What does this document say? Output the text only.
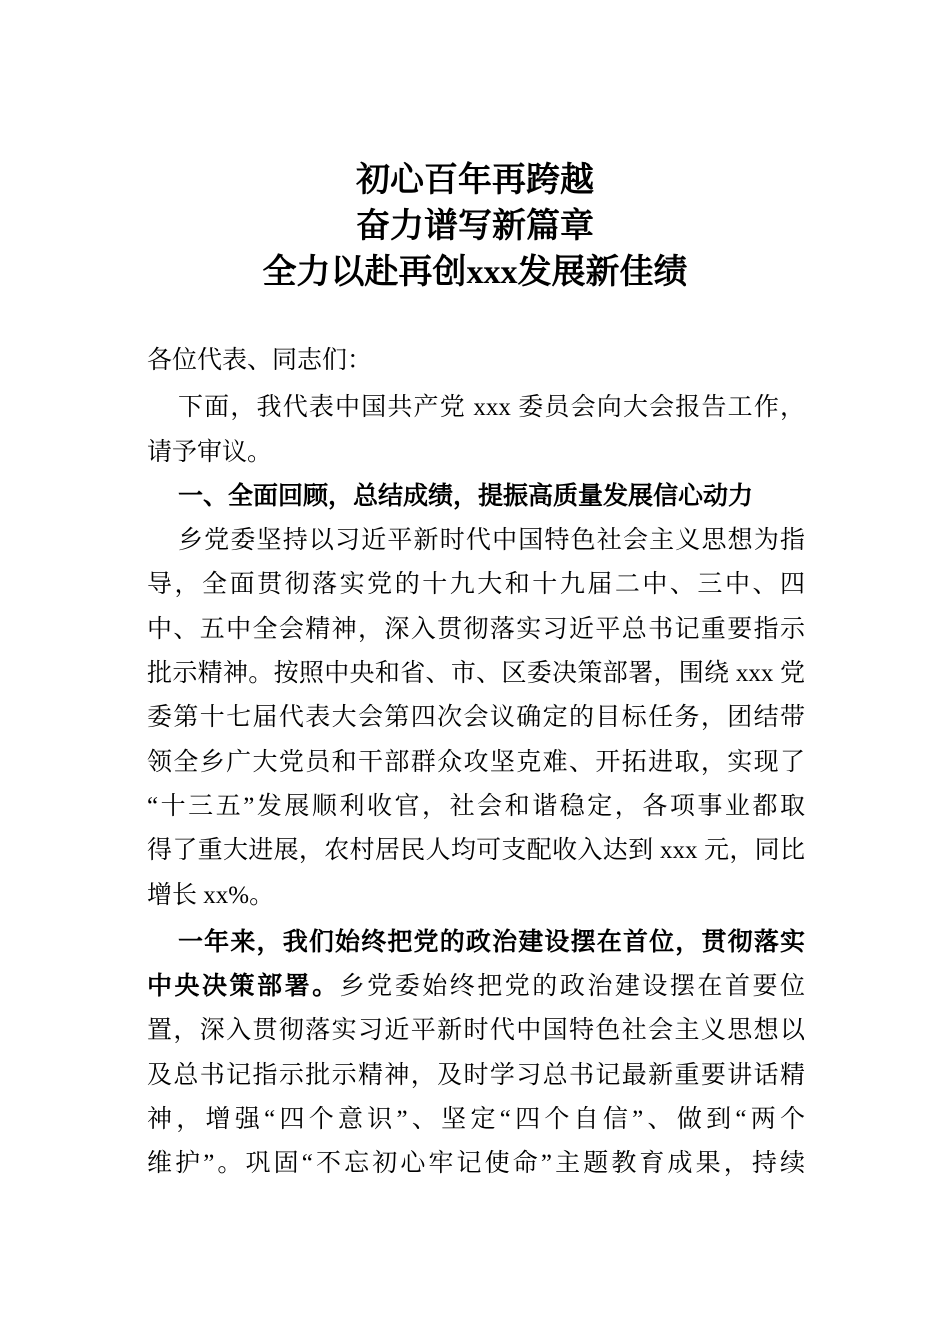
初心百年再跨越
奋力谱写新篇章
全力以赴再创xxx发展新佳绩
各位代表、同志们：
下面，我代表中国共产党 xxx 委员会向大会报告工作，
请予审议。
一、全面回顾，总结成绩，提振高质量发展信心动力
乡党委坚持以习近平新时代中国特色社会主义思想为指
导，全面贯彻落实党的十九大和十九届二中、三中、四
中、五中全会精神，深入贯彻落实习近平总书记重要指示
批示精神。按照中央和省、市、区委决策部署，围绕 xxx 党
委第十七届代表大会第四次会议确定的目标任务，团结带
领全乡广大党员和干部群众攻坚克难、开拓进取，实现了
“十三五”发展顺利收官，社会和谐稳定，各项事业都取
得了重大进展，农村居民人均可支配收入达到 xxx 元，同比
增长 xx%。
一年来，我们始终把党的政治建设摆在首位，贯彻落实
中央决策部署。乡党委始终把党的政治建设摆在首要位
置，深入贯彻落实习近平新时代中国特色社会主义思想以
及总书记指示批示精神，及时学习总书记最新重要讲话精
神，增强“四个意识”、坚定“四个自信”、做到“两个
维护”。巩固“不忘初心牢记使命”主题教育成果，持续
